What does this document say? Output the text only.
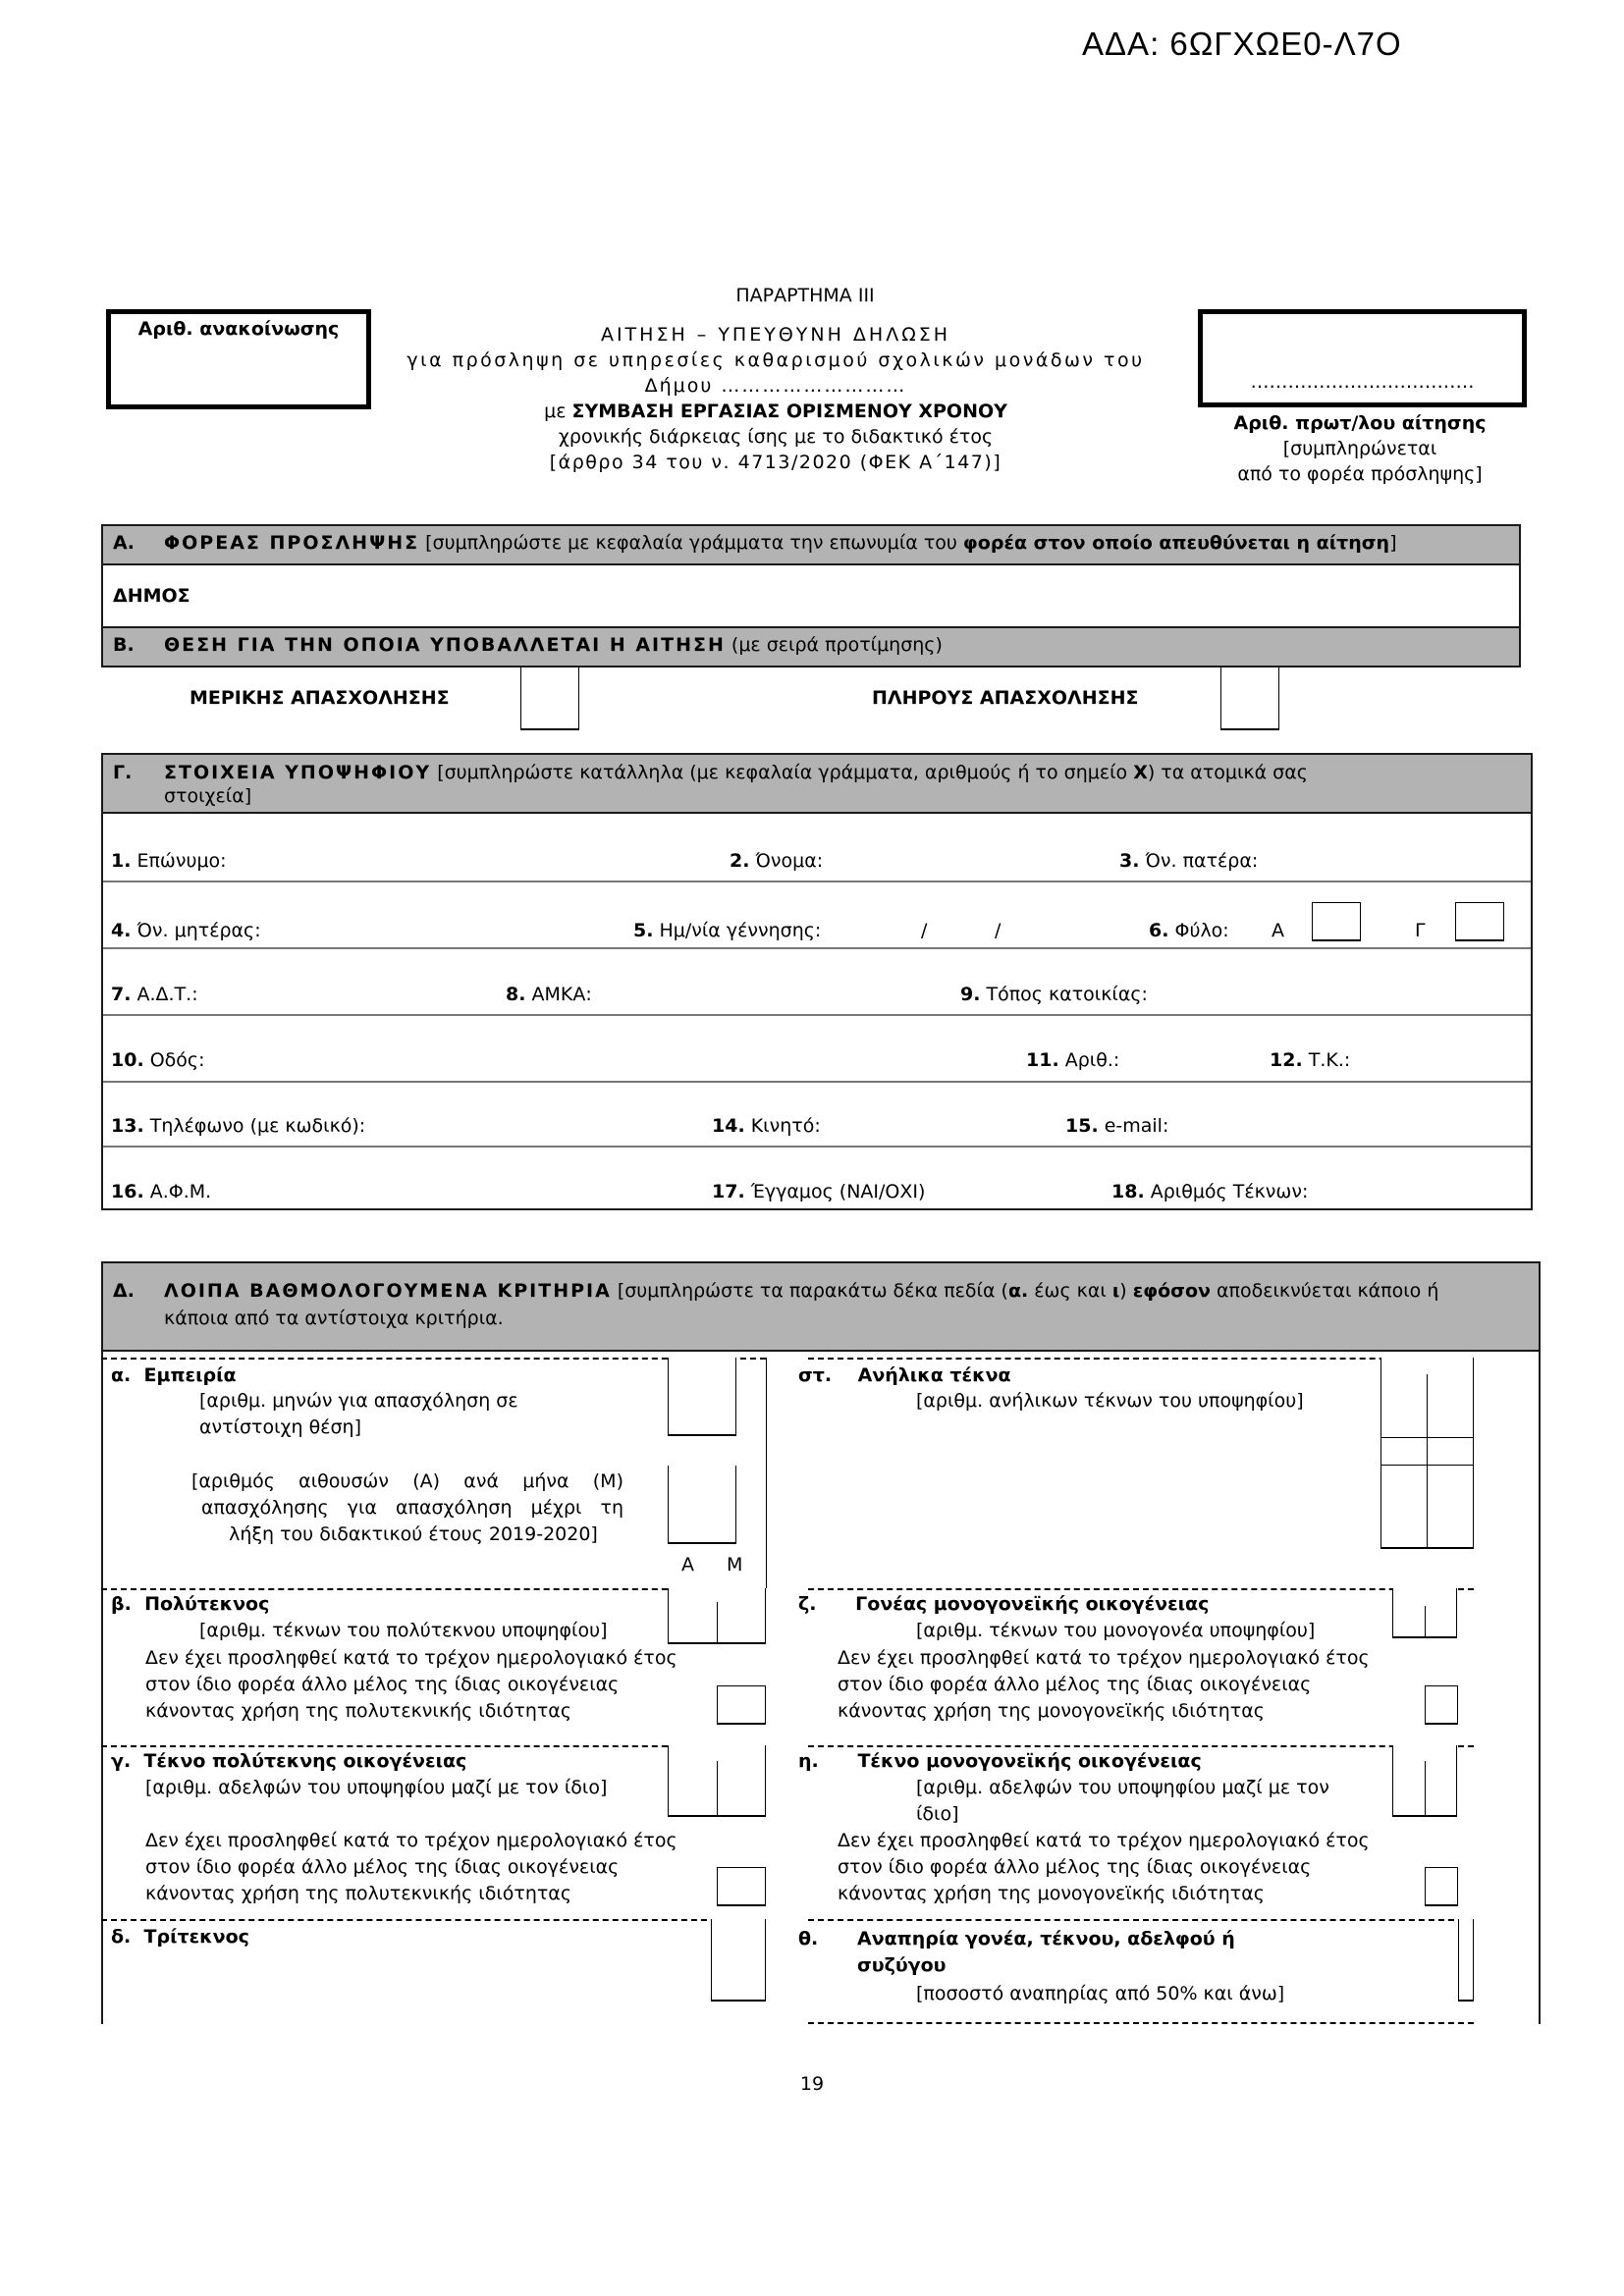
ΑΔΑ: 6ΩΓΧΩΕ0-Λ7Ο
ΠΑΡΑΡΤΗΜΑ ΙΙΙ
Αριθ. ανακοίνωσης	ΑΙΤΗΣΗ – ΥΠΕΥΘΥΝΗ ΔΗΛΩΣΗ
για πρόσληψη σε υπηρεσίες καθαρισμού σχολικών μονάδων του
Δήμου ………………………
με ΣΥΜΒΑΣΗ ΕΡΓΑΣΙΑΣ ΟΡΙΣΜΕΝΟΥ ΧΡΟΝΟΥ
χρονικής διάρκειας ίσης με το διδακτικό έτος
[άρθρο 34 του ν. 4713/2020 (ΦΕΚ Α΄147)]
………………………………
Αριθ. πρωτ/λου αίτησης
[συμπληρώνεται
από το φορέα πρόσληψης]
Α. ΦΟΡΕΑΣ ΠΡΟΣΛΗΨΗΣ [συμπληρώστε με κεφαλαία γράμματα την επωνυμία του φορέα στον οποίο απευθύνεται η αίτηση]
ΔΗΜΟΣ
Β. ΘΕΣΗ ΓΙΑ ΤΗΝ ΟΠΟΙΑ ΥΠΟΒΑΛΛΕΤΑΙ Η ΑΙΤΗΣΗ (με σειρά προτίμησης)
ΜΕΡΙΚΗΣ ΑΠΑΣΧΟΛΗΣΗΣ	ΠΛΗΡΟΥΣ ΑΠΑΣΧΟΛΗΣΗΣ
Γ. ΣΤΟΙΧΕΙΑ ΥΠΟΨΗΦΙΟΥ [συμπληρώστε κατάλληλα (με κεφαλαία γράμματα, αριθμούς ή το σημείο Χ) τα ατομικά σας
στοιχεία]
1. Επώνυμο:	2. Όνομα:	3. Όν. πατέρα:
4. Όν. μητέρας:	5. Ημ/νία γέννησης:	/	/	6. Φύλο: Α	Γ
7. Α.Δ.Τ.:	8. ΑΜΚΑ:	9. Τόπος κατοικίας:
10. Οδός:	11. Αριθ.:	12. Τ.Κ.:
13. Τηλέφωνο (με κωδικό):	14. Κινητό:	15. e-mail:
16. Α.Φ.Μ.	17. Έγγαμος (ΝΑΙ/ΟΧΙ)	18. Αριθμός Τέκνων:
Δ. ΛΟΙΠΑ ΒΑΘΜΟΛΟΓΟΥΜΕΝΑ ΚΡΙΤΗΡΙΑ [συμπληρώστε τα παρακάτω δέκα πεδία (α. έως και ι) εφόσον αποδεικνύεται κάποιο ή
κάποια από τα αντίστοιχα κριτήρια.
α. Εμπειρία
[αριθμ. μηνών για απασχόληση σε
αντίστοιχη θέση]
[αριθμός αιθουσών (Α) ανά μήνα (Μ)
απασχόλησης για απασχόληση μέχρι τη
λήξη του διδακτικού έτους 2019-2020]
Α Μ
β. Πολύτεκνος
[αριθμ. τέκνων του πολύτεκνου υποψηφίου]
Δεν έχει προσληφθεί κατά το τρέχον ημερολογιακό έτος
στον ίδιο φορέα άλλο μέλος της ίδιας οικογένειας
κάνοντας χρήση της πολυτεκνικής ιδιότητας
γ. Τέκνο πολύτεκνης οικογένειας
[αριθμ. αδελφών του υποψηφίου μαζί με τον ίδιο]
Δεν έχει προσληφθεί κατά το τρέχον ημερολογιακό έτος
στον ίδιο φορέα άλλο μέλος της ίδιας οικογένειας
κάνοντας χρήση της πολυτεκνικής ιδιότητας
δ. Τρίτεκνος
στ. Ανήλικα τέκνα
[αριθμ. ανήλικων τέκνων του υποψηφίου]
ζ. Γονέας μονογονεϊκής οικογένειας
[αριθμ. τέκνων του μονογονέα υποψηφίου]
Δεν έχει προσληφθεί κατά το τρέχον ημερολογιακό έτος
στον ίδιο φορέα άλλο μέλος της ίδιας οικογένειας
κάνοντας χρήση της μονογονεϊκής ιδιότητας
η. Τέκνο μονογονεϊκής οικογένειας
[αριθμ. αδελφών του υποψηφίου μαζί με τον
ίδιο]
Δεν έχει προσληφθεί κατά το τρέχον ημερολογιακό έτος
στον ίδιο φορέα άλλο μέλος της ίδιας οικογένειας
κάνοντας χρήση της μονογονεϊκής ιδιότητας
θ. Αναπηρία γονέα, τέκνου, αδελφού ή
συζύγου
[ποσοστό αναπηρίας από 50% και άνω]
19
